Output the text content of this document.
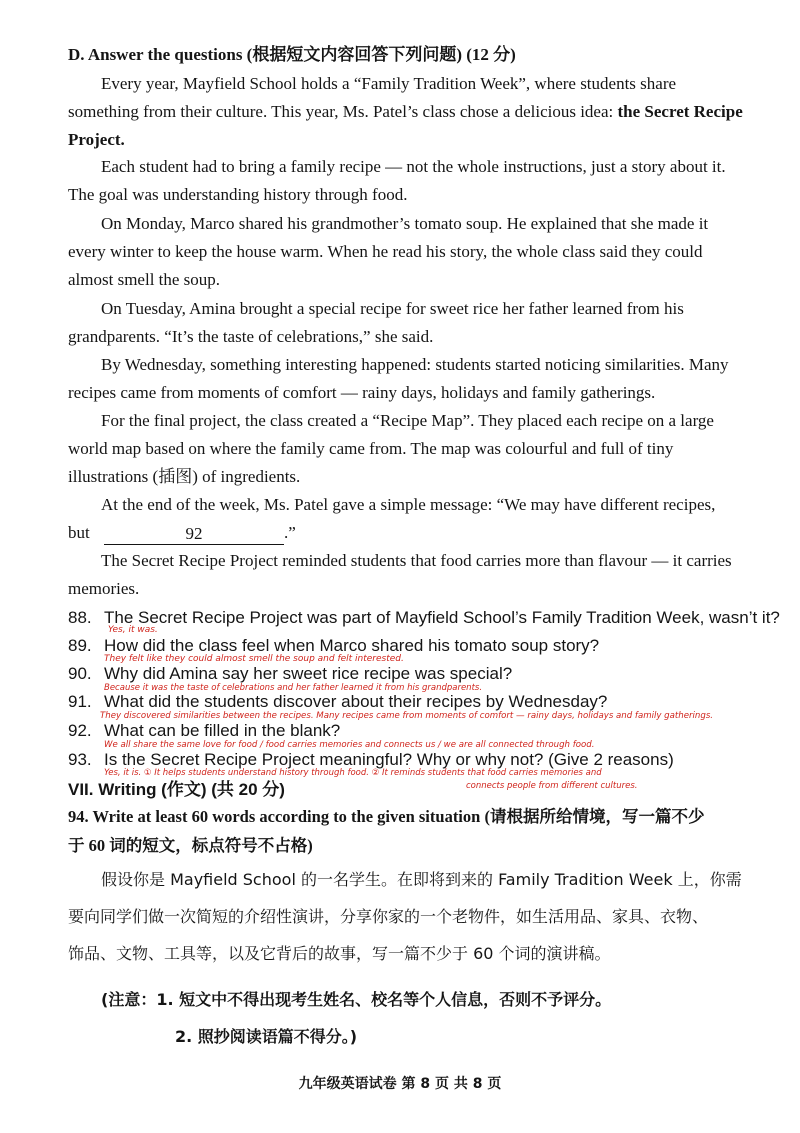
D. Answer the questions (根据短文内容回答下列问题) (12 分)
Every year, Mayfield School holds a “Family Tradition Week”, where students share
something from their culture. This year, Ms. Patel’s class chose a delicious idea: the Secret Recipe
Project.
Each student had to bring a family recipe — not the whole instructions, just a story about it.
The goal was understanding history through food.
On Monday, Marco shared his grandmother’s tomato soup. He explained that she made it
every winter to keep the house warm. When he read his story, the whole class said they could
almost smell the soup.
On Tuesday, Amina brought a special recipe for sweet rice her father learned from his
grandparents. “It’s the taste of celebrations,” she said.
By Wednesday, something interesting happened: students started noticing similarities. Many
recipes came from moments of comfort — rainy days, holidays and family gatherings.
For the final project, the class created a “Recipe Map”. They placed each recipe on a large
world map based on where the family came from. The map was colourful and full of tiny
illustrations (插图) of ingredients.
At the end of the week, Ms. Patel gave a simple message: “We may have different recipes,
but	92	.”
The Secret Recipe Project reminded students that food carries more than flavour — it carries
memories.
88. The Secret Recipe Project was part of Mayfield School’s Family Tradition Week, wasn’t it?
Yes, it was.
89. How did the class feel when Marco shared his tomato soup story?
They felt like they could almost smell the soup and felt interested.
90. Why did Amina say her sweet rice recipe was special?
Because it was the taste of celebrations and her father learned it from his grandparents.
91. What did the students discover about their recipes by Wednesday?
They discovered similarities between the recipes. Many recipes came from moments of comfort — rainy days, holidays and family gatherings.
92. What can be filled in the blank?
We all share the same love for food / food carries memories and connects us / we are all connected through food.
93. Is the Secret Recipe Project meaningful? Why or why not? (Give 2 reasons)
Yes, it is. ① It helps students understand history through food. ② It reminds students that food carries memories and
connects people from different cultures.
VII. Writing (作文) (共 20 分)
94. Write at least 60 words according to the given situation (请根据所给情境，写一篇不少
于 60 词的短文，标点符号不占格)
假设你是 Mayfield School 的一名学生。在即将到来的 Family Tradition Week 上，你需
要向同学们做一次简短的介绍性演讲，分享你家的一个老物件，如生活用品、家具、衣物、
饰品、文物、工具等，以及它背后的故事，写一篇不少于 60 个词的演讲稿。
(注意：1. 短文中不得出现考生姓名、校名等个人信息，否则不予评分。
2. 照抄阅读语篇不得分。)
九年级英语试卷 第 8 页 共 8 页
